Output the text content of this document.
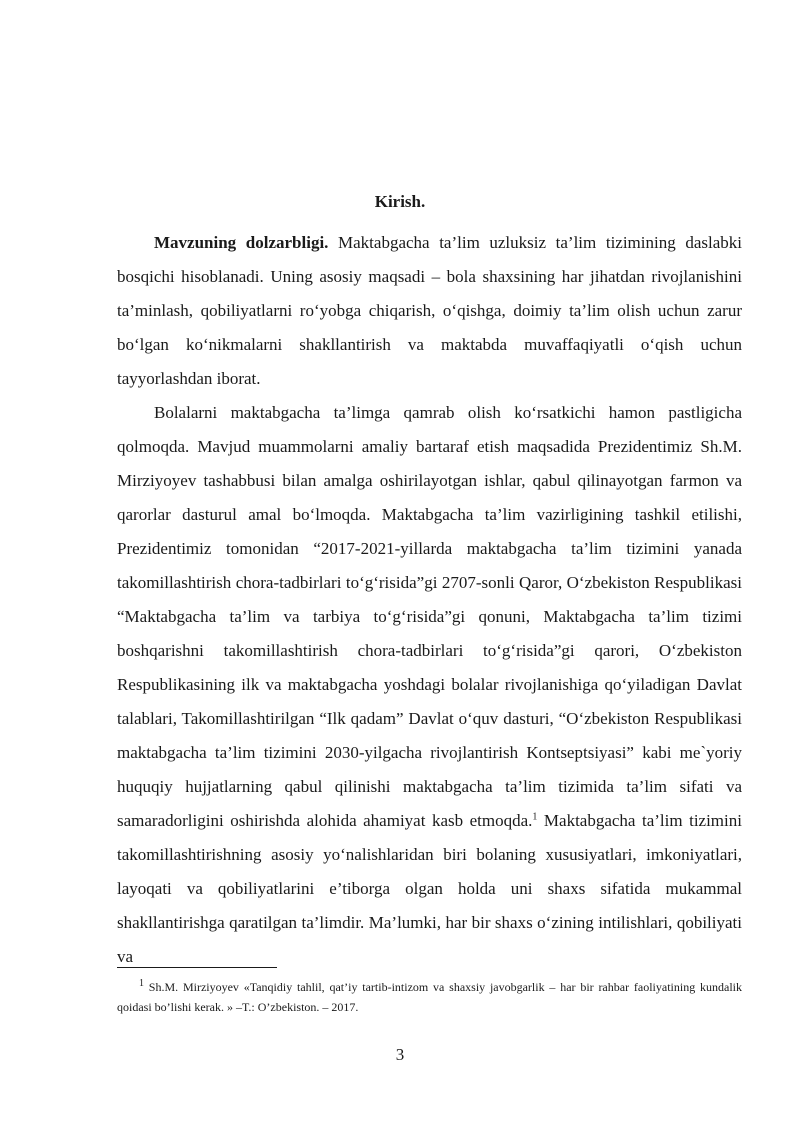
Kirish.

Mavzuning dolzarbligi. Maktabgacha ta’lim uzluksiz ta’lim tizimining daslabki bosqichi hisoblanadi. Uning asosiy maqsadi – bola shaxsining har jihatdan rivojlanishini ta’minlash, qobiliyatlarni ro‘yobga chiqarish, o‘qishga, doimiy ta’lim olish uchun zarur bo‘lgan ko‘nikmalarni shakllantirish va maktabda muvaffaqiyatli o‘qish uchun tayyorlashdan iborat.

Bolalarni maktabgacha ta’limga qamrab olish ko‘rsatkichi hamon pastligicha qolmoqda. Mavjud muammolarni amaliy bartaraf etish maqsadida Prezidentimiz Sh.M. Mirziyoyev tashabbusi bilan amalga oshirilayotgan ishlar, qabul qilinayotgan farmon va qarorlar dasturul amal bo‘lmoqda. Maktabgacha ta’lim vazirligining tashkil etilishi, Prezidentimiz tomonidan “2017-2021-yillarda maktabgacha ta’lim tizimini yanada takomillashtirish chora-tadbirlari to‘g‘risida”gi 2707-sonli Qaror, O‘zbekiston Respublikasi “Maktabgacha ta’lim va tarbiya to‘g‘risida”gi qonuni, Maktabgacha ta’lim tizimi boshqarishni takomillashtirish chora-tadbirlari to‘g‘risida”gi qarori, O‘zbekiston Respublikasining ilk va maktabgacha yoshdagi bolalar rivojlanishiga qo‘yiladigan Davlat talablari, Takomillashtirilgan “Ilk qadam” Davlat o‘quv dasturi, “O‘zbekiston Respublikasi maktabgacha ta’lim tizimini 2030-yilgacha rivojlantirish Kontseptsiyasi” kabi me`yoriy huquqiy hujjatlarning qabul qilinishi maktabgacha ta’lim tizimida ta’lim sifati va samaradorligini oshirishda alohida ahamiyat kasb etmoqda.$^1$ Maktabgacha ta’lim tizimini takomillashtirishning asosiy yo‘nalishlaridan biri bolaning xususiyatlari, imkoniyatlari, layoqati va qobiliyatlarini e’tiborga olgan holda uni shaxs sifatida mukammal shakllantirishga qaratilgan ta’limdir. Ma’lumki, har bir shaxs o‘zining intilishlari, qobiliyati va

$^1$ Sh.M. Mirziyoyev «Tanqidiy tahlil, qat’iy tartib-intizom va shaxsiy javobgarlik – har bir rahbar faoliyatining kundalik qoidasi bo’lishi kerak. » –T.: O’zbekiston. – 2017.

3
